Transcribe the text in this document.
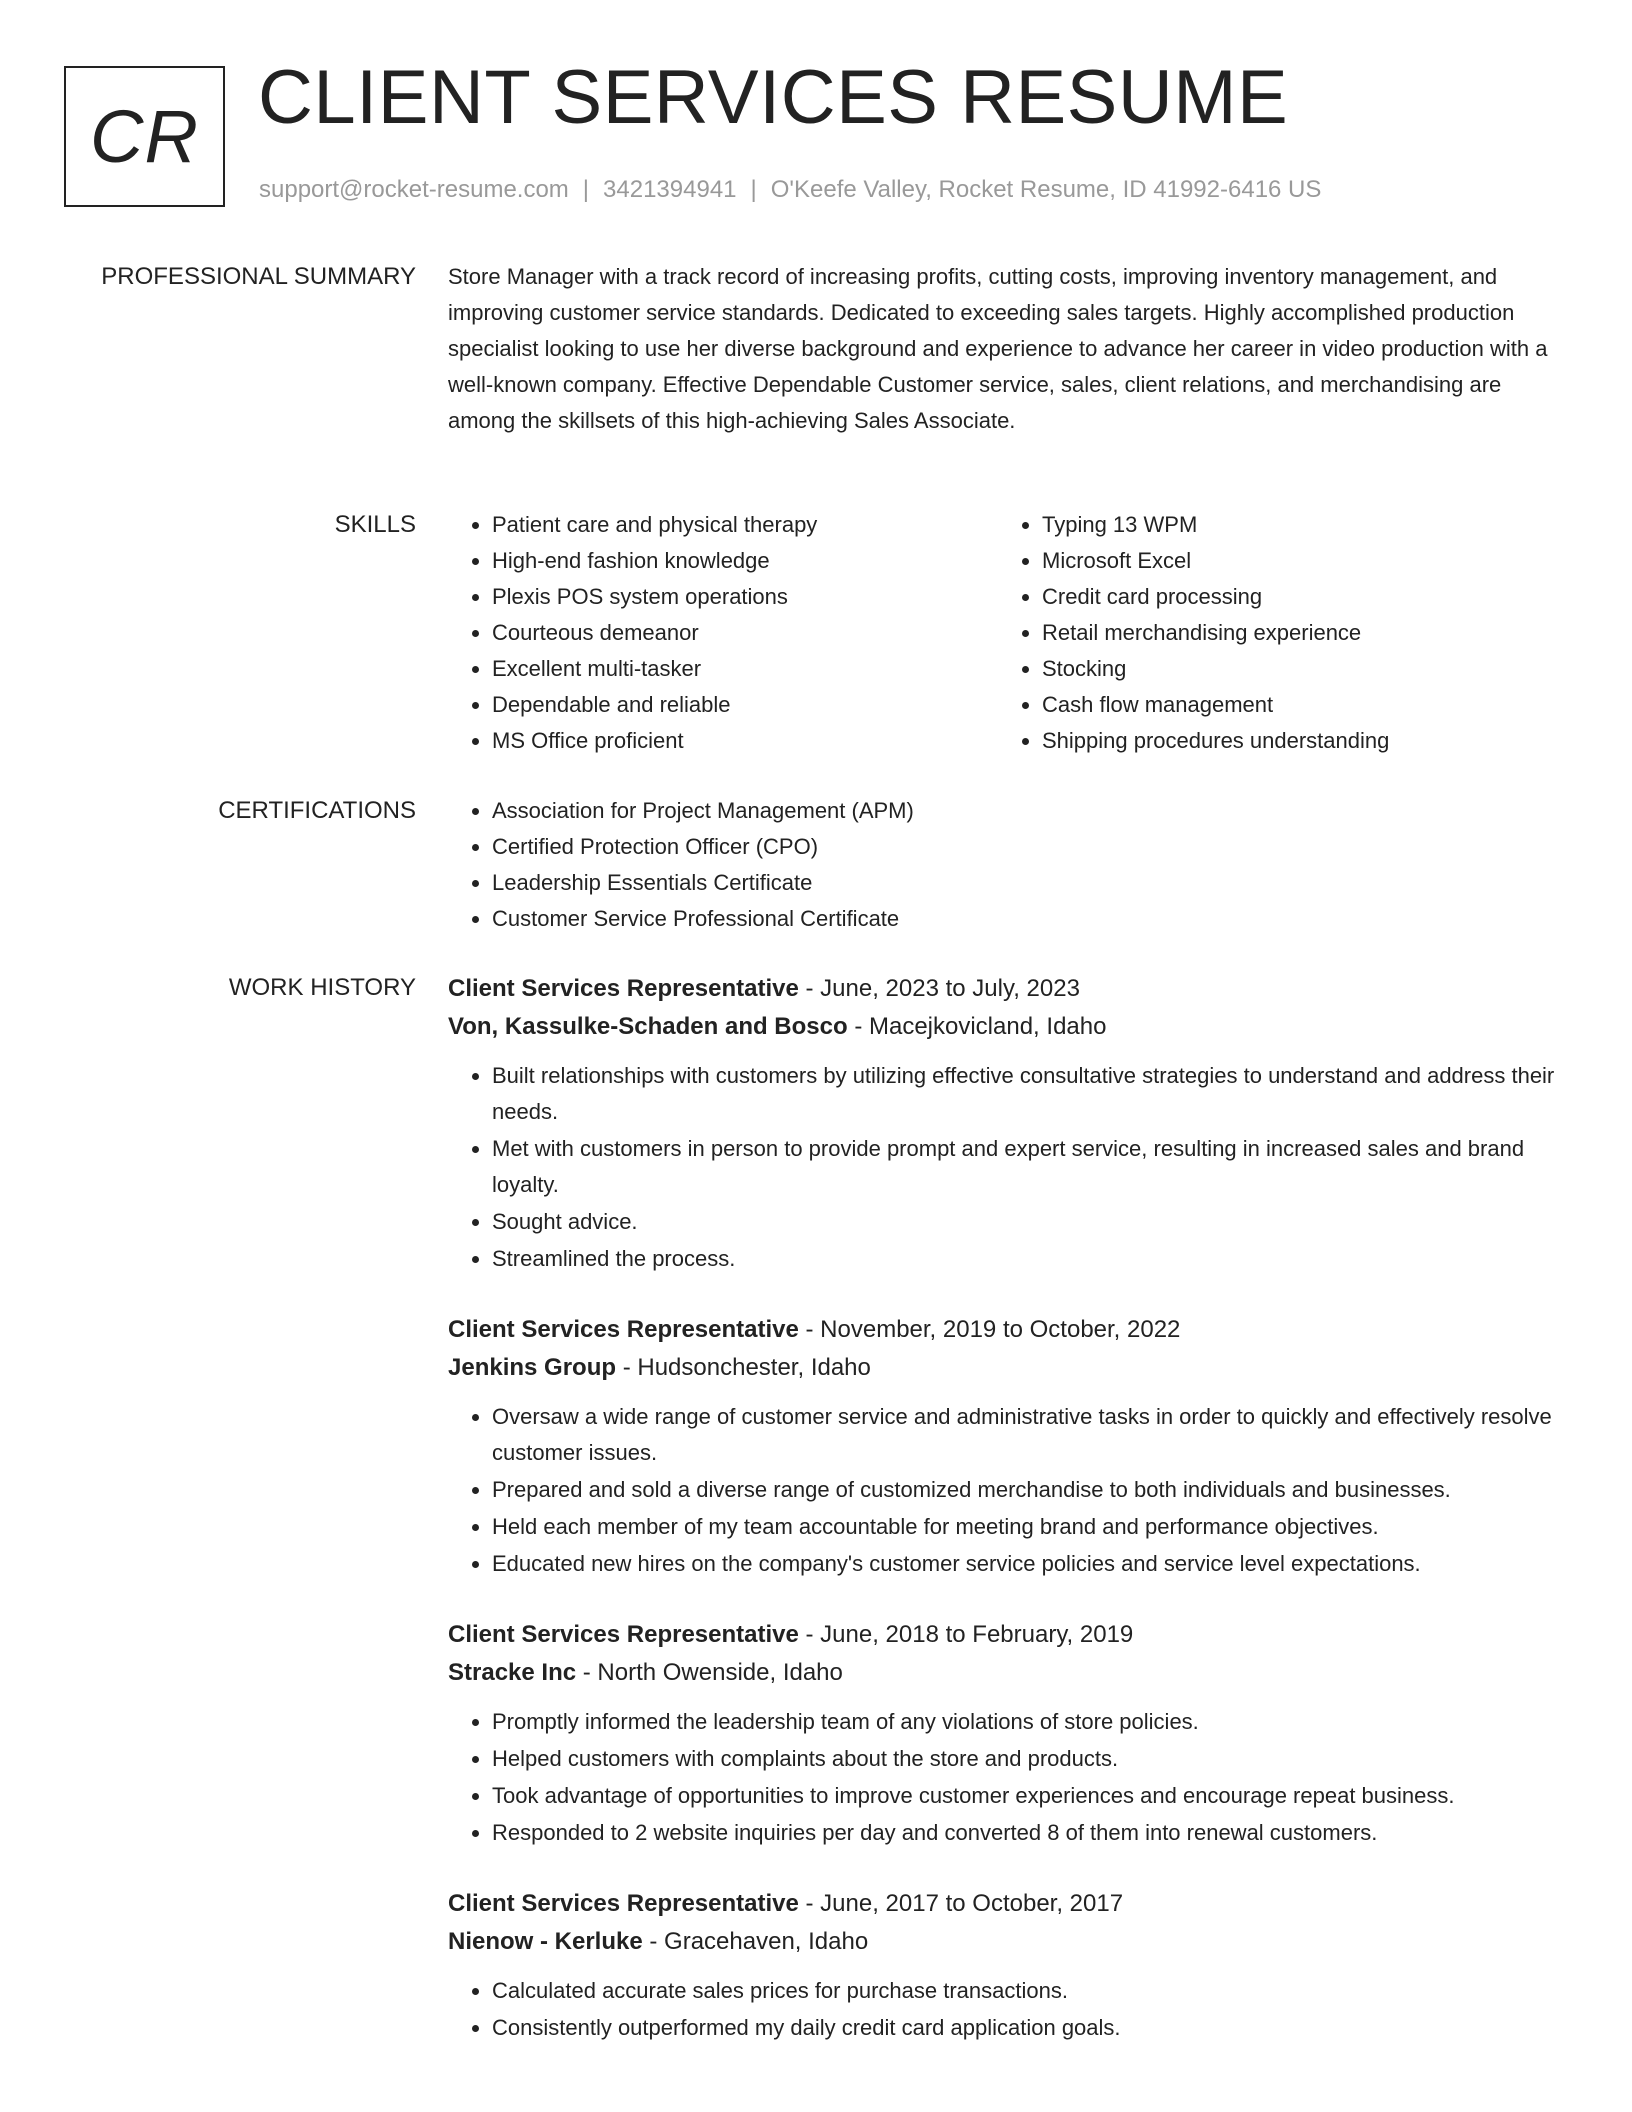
CR CLIENT SERVICES RESUME
support@rocket-resume.com | 3421394941 | O'Keefe Valley, Rocket Resume, ID 41992-6416 US
PROFESSIONAL SUMMARY Store Manager with a track record of increasing profits, cutting costs, improving inventory management, and improving customer service standards. Dedicated to exceeding sales targets. Highly accomplished production specialist looking to use her diverse background and experience to advance her career in video production with a well-known company. Effective Dependable Customer service, sales, client relations, and merchandising are among the skillsets of this high-achieving Sales Associate.

SKILLS	• Patient care and physical therapy
• High-end fashion knowledge
• Plexis POS system operations
• Courteous demeanor
• Excellent multi-tasker
• Dependable and reliable
• MS Office proficient
• Typing 13 WPM
• Microsoft Excel
• Credit card processing
• Retail merchandising experience
• Stocking
• Cash flow management
• Shipping procedures understanding
CERTIFICATIONS	• Association for Project Management (APM)
• Certified Protection Officer (CPO)
• Leadership Essentials Certificate
• Customer Service Professional Certificate
WORK HISTORY Client Services Representative - June, 2023 to July, 2023
Von, Kassulke-Schaden and Bosco - Macejkovicland, Idaho
• Built relationships with customers by utilizing effective consultative strategies to understand and address their needs.
• Met with customers in person to provide prompt and expert service, resulting in increased sales and brand loyalty.
• Sought advice.
• Streamlined the process.
Client Services Representative - November, 2019 to October, 2022
Jenkins Group - Hudsonchester, Idaho
• Oversaw a wide range of customer service and administrative tasks in order to quickly and effectively resolve customer issues.
• Prepared and sold a diverse range of customized merchandise to both individuals and businesses.
• Held each member of my team accountable for meeting brand and performance objectives.
• Educated new hires on the company's customer service policies and service level expectations.
Client Services Representative - June, 2018 to February, 2019
Stracke Inc - North Owenside, Idaho
• Promptly informed the leadership team of any violations of store policies.
• Helped customers with complaints about the store and products.
• Took advantage of opportunities to improve customer experiences and encourage repeat business.
• Responded to 2 website inquiries per day and converted 8 of them into renewal customers.
Client Services Representative - June, 2017 to October, 2017
Nienow - Kerluke - Gracehaven, Idaho
• Calculated accurate sales prices for purchase transactions.
• Consistently outperformed my daily credit card application goals.
